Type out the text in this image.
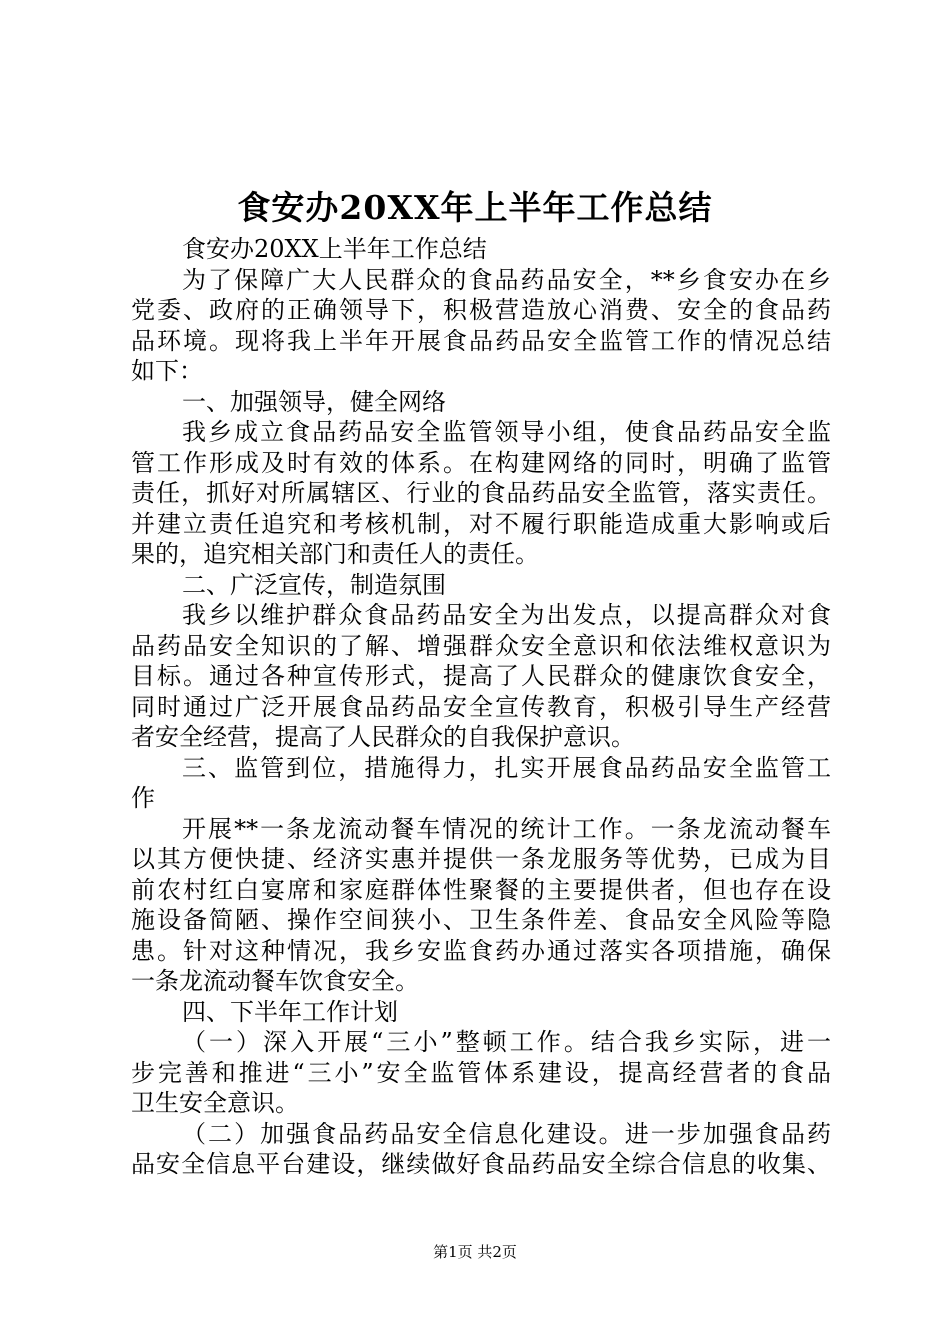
食安办20XX年上半年工作总结
食安办20XX上半年工作总结
为了保障广大人民群众的食品药品安全，**乡食安办在乡
党委、政府的正确领导下，积极营造放心消费、安全的食品药
品环境。现将我上半年开展食品药品安全监管工作的情况总结
如下：
一、加强领导，健全网络
我乡成立食品药品安全监管领导小组，使食品药品安全监
管工作形成及时有效的体系。在构建网络的同时，明确了监管
责任，抓好对所属辖区、行业的食品药品安全监管，落实责任。
并建立责任追究和考核机制，对不履行职能造成重大影响或后
果的，追究相关部门和责任人的责任。
二、广泛宣传，制造氛围
我乡以维护群众食品药品安全为出发点，以提高群众对食
品药品安全知识的了解、增强群众安全意识和依法维权意识为
目标。通过各种宣传形式，提高了人民群众的健康饮食安全，
同时通过广泛开展食品药品安全宣传教育，积极引导生产经营
者安全经营，提高了人民群众的自我保护意识。
三、监管到位，措施得力，扎实开展食品药品安全监管工
作
开展**一条龙流动餐车情况的统计工作。一条龙流动餐车
以其方便快捷、经济实惠并提供一条龙服务等优势，已成为目
前农村红白宴席和家庭群体性聚餐的主要提供者，但也存在设
施设备简陋、操作空间狭小、卫生条件差、食品安全风险等隐
患。针对这种情况，我乡安监食药办通过落实各项措施，确保
一条龙流动餐车饮食安全。
四、下半年工作计划
（一）深入开展“三小”整顿工作。结合我乡实际，进一
步完善和推进“三小”安全监管体系建设，提高经营者的食品
卫生安全意识。
（二）加强食品药品安全信息化建设。进一步加强食品药
品安全信息平台建设，继续做好食品药品安全综合信息的收集、
第1页 共2页
